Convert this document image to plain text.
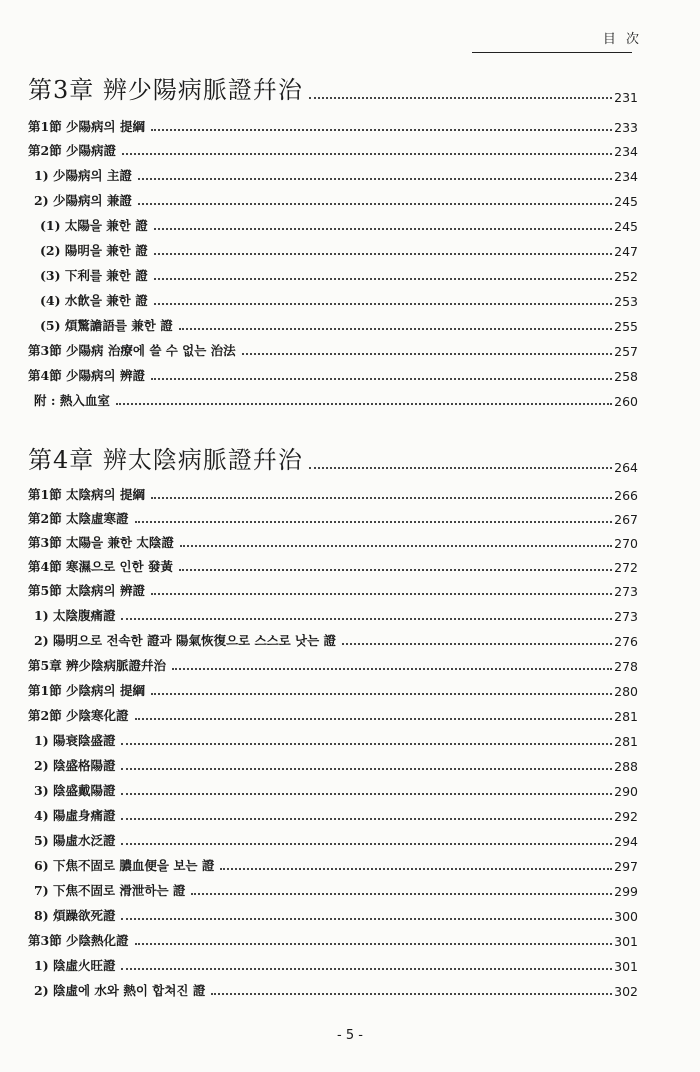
目 次
第3章 辨少陽病脈證幷治	231
第1節 少陽病의 提綱	233
第2節 少陽病證	234
1) 少陽病의 主證	234
2) 少陽病의 兼證	245
(1) 太陽을 兼한 證	245
(2) 陽明을 兼한 證	247
(3) 下利를 兼한 證	252
(4) 水飮을 兼한 證	253
(5) 煩驚譫語를 兼한 證	255
第3節 少陽病 治療에 쓸 수 없는 治法	257
第4節 少陽病의 辨證	258
附 : 熱入血室	260
第4章 辨太陰病脈證幷治	264
第1節 太陰病의 提綱	266
第2節 太陰虛寒證	267
第3節 太陽을 兼한 太陰證	270
第4節 寒濕으로 인한 發黃	272
第5節 太陰病의 辨證	273
1) 太陰腹痛證	273
2) 陽明으로 전속한 證과 陽氣恢復으로 스스로 낫는 證	276
第5章 辨少陰病脈證幷治	278
第1節 少陰病의 提綱	280
第2節 少陰寒化證	281
1) 陽衰陰盛證	281
2) 陰盛格陽證	288
3) 陰盛戴陽證	290
4) 陽虛身痛證	292
5) 陽虛水泛證	294
6) 下焦不固로 膿血便을 보는 證	297
7) 下焦不固로 滑泄하는 證	299
8) 煩躁欲死證	300
第3節 少陰熱化證	301
1) 陰虛火旺證	301
2) 陰虛에 水와 熱이 합쳐진 證	302
- 5 -
